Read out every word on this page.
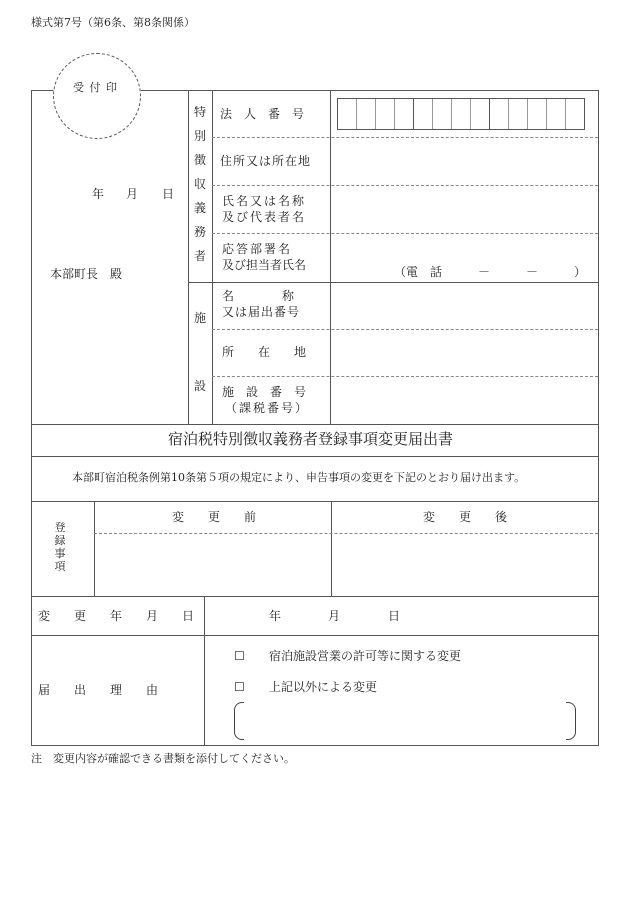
様式第7号（第6条、第8条関係）
受 付 印
年 月 日
本部町長　殿
特
別
徴
収
義
務
者
法　人　番　号
住所又は所在地
氏名又は名称
及び代表者名
応答部署名
及び担当者氏名	（電　話　　　－　　　－　　　）
施
設
名　　　　称
又は届出番号
所　　在　　地
施　設　番　号
（課税番号）
宿泊税特別徴収義務者登録事項変更届出書
本部町宿泊税条例第10条第５項の規定により、申告事項の変更を下記のとおり届け出ます。
登
録
事
項
変　　更　　前	変　　更　　後
変　　更　　年　　月　　日	年	月	日
届　　出　　理　　由
☐ 宿泊施設営業の許可等に関する変更
☐ 上記以外による変更
注　変更内容が確認できる書類を添付してください。
